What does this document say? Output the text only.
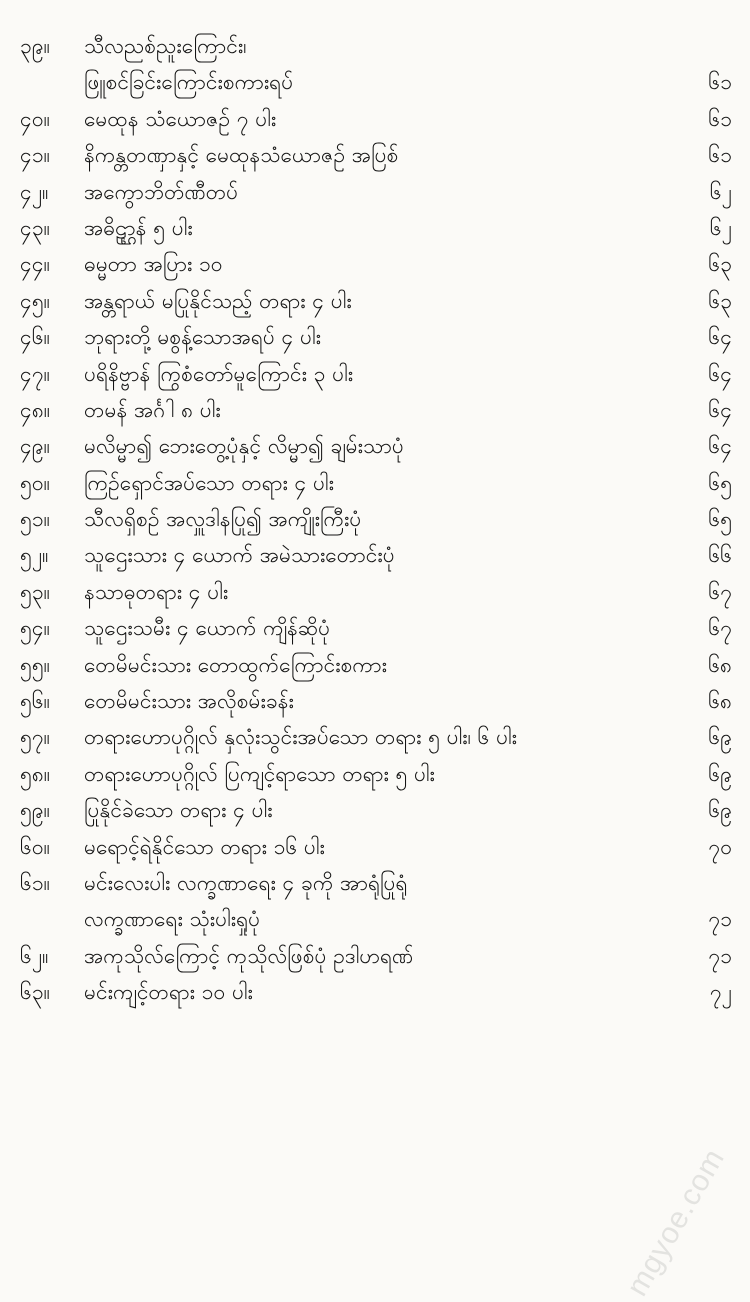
၃၉။	သီလညစ်ညူးကြောင်း၊
ဖြူစင်ခြင်းကြောင်းစကားရပ်	၆၁
၄၀။	မေထုန သံယောဇဉ် ၇ ပါး	၆၁
၄၁။	နိကန္တတဏှာနှင့် မေထုနသံယောဇဉ် အပြစ်	၆၁
၄၂။	အကွောဘိတ်ဏီတပ်	၆၂
၄၃။	အဓိဠ္ဌာန် ၅ ပါး	၆၂
၄၄။	ဓမ္မတာ အပြား ၁၀	၆၃
၄၅။	အန္တရာယ် မပြုနိုင်သည့် တရား ၄ ပါး	၆၃
၄၆။	ဘုရားတို့ မစွန့်သောအရပ် ၄ ပါး	၆၄
၄၇။	ပရိနိဗ္ဗာန် ကြွစံတော်မူကြောင်း ၃ ပါး	၆၄
၄၈။	တမန် အင်္ဂါ ၈ ပါး	၆၄
၄၉။	မလိမ္မာ၍ ဘေးတွေ့ပုံနှင့် လိမ္မာ၍ ချမ်းသာပုံ	၆၄
၅၀။	ကြဉ်ရှောင်အပ်သော တရား ၄ ပါး	၆၅
၅၁။	သီလရှိစဉ် အလှူဒါနပြု၍ အကျိုးကြီးပုံ	၆၅
၅၂။	သူဌေးသား ၄ ယောက် အမဲသားတောင်းပုံ	၆၆
၅၃။	နသာဓုတရား ၄ ပါး	၆၇
၅၄။	သူဌေးသမီး ၄ ယောက် ကျိန်ဆိုပုံ	၆၇
၅၅။	တေမိမင်းသား တောထွက်ကြောင်းစကား	၆၈
၅၆။	တေမိမင်းသား အလိုစမ်းခန်း	၆၈
၅၇။	တရားဟောပုဂ္ဂိုလ် နှလုံးသွင်းအပ်သော တရား ၅ ပါး၊ ၆ ပါး	၆၉
၅၈။	တရားဟောပုဂ္ဂိုလ် ပြကျင့်ရာသော တရား ၅ ပါး	၆၉
၅၉။	ပြုနိုင်ခဲသော တရား ၄ ပါး	၆၉
၆၀။	မရောင့်ရဲနိုင်သော တရား ၁၆ ပါး	၇၀
၆၁။	မင်းလေးပါး လက္ခဏာရေး ၄ ခုကို အာရုံပြုရုံ
လက္ခဏာရေး သုံးပါးရှုပုံ	၇၁
၆၂။	အကုသိုလ်ကြောင့် ကုသိုလ်ဖြစ်ပုံ ဥဒါဟရဏ်	၇၁
၆၃။	မင်းကျင့်တရား ၁၀ ပါး	၇၂
mgyoe.com
